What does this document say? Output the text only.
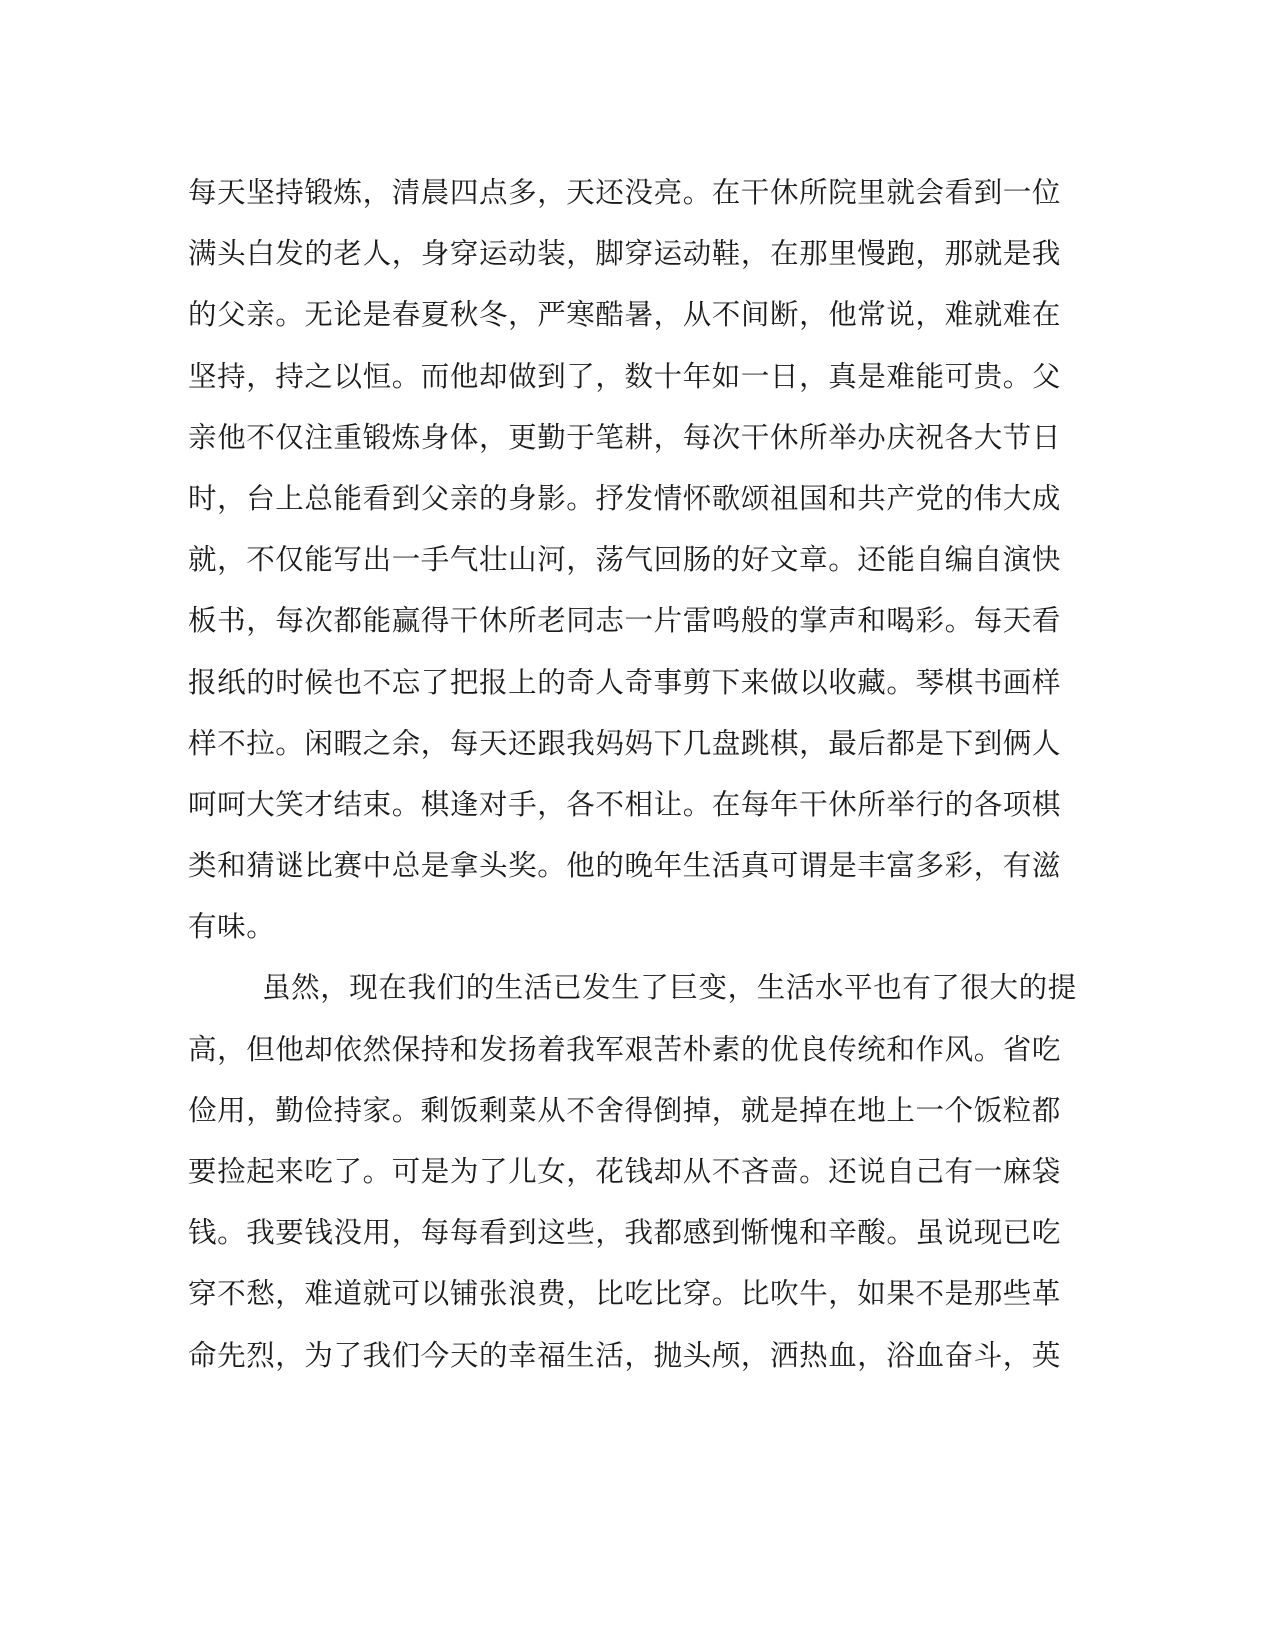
每天坚持锻炼，清晨四点多，天还没亮。在干休所院里就会看到一位
满头白发的老人，身穿运动装，脚穿运动鞋，在那里慢跑，那就是我
的父亲。无论是春夏秋冬，严寒酷暑，从不间断，他常说，难就难在
坚持，持之以恒。而他却做到了，数十年如一日，真是难能可贵。父
亲他不仅注重锻炼身体，更勤于笔耕，每次干休所举办庆祝各大节日
时，台上总能看到父亲的身影。抒发情怀歌颂祖国和共产党的伟大成
就，不仅能写出一手气壮山河，荡气回肠的好文章。还能自编自演快
板书，每次都能赢得干休所老同志一片雷鸣般的掌声和喝彩。每天看
报纸的时候也不忘了把报上的奇人奇事剪下来做以收藏。琴棋书画样
样不拉。闲暇之余，每天还跟我妈妈下几盘跳棋，最后都是下到俩人
呵呵大笑才结束。棋逢对手，各不相让。在每年干休所举行的各项棋
类和猜谜比赛中总是拿头奖。他的晚年生活真可谓是丰富多彩，有滋
有味。
虽然，现在我们的生活已发生了巨变，生活水平也有了很大的提
高，但他却依然保持和发扬着我军艰苦朴素的优良传统和作风。省吃
俭用，勤俭持家。剩饭剩菜从不舍得倒掉，就是掉在地上一个饭粒都
要捡起来吃了。可是为了儿女，花钱却从不吝啬。还说自己有一麻袋
钱。我要钱没用，每每看到这些，我都感到惭愧和辛酸。虽说现已吃
穿不愁，难道就可以铺张浪费，比吃比穿。比吹牛，如果不是那些革
命先烈，为了我们今天的幸福生活，抛头颅，洒热血，浴血奋斗，英
